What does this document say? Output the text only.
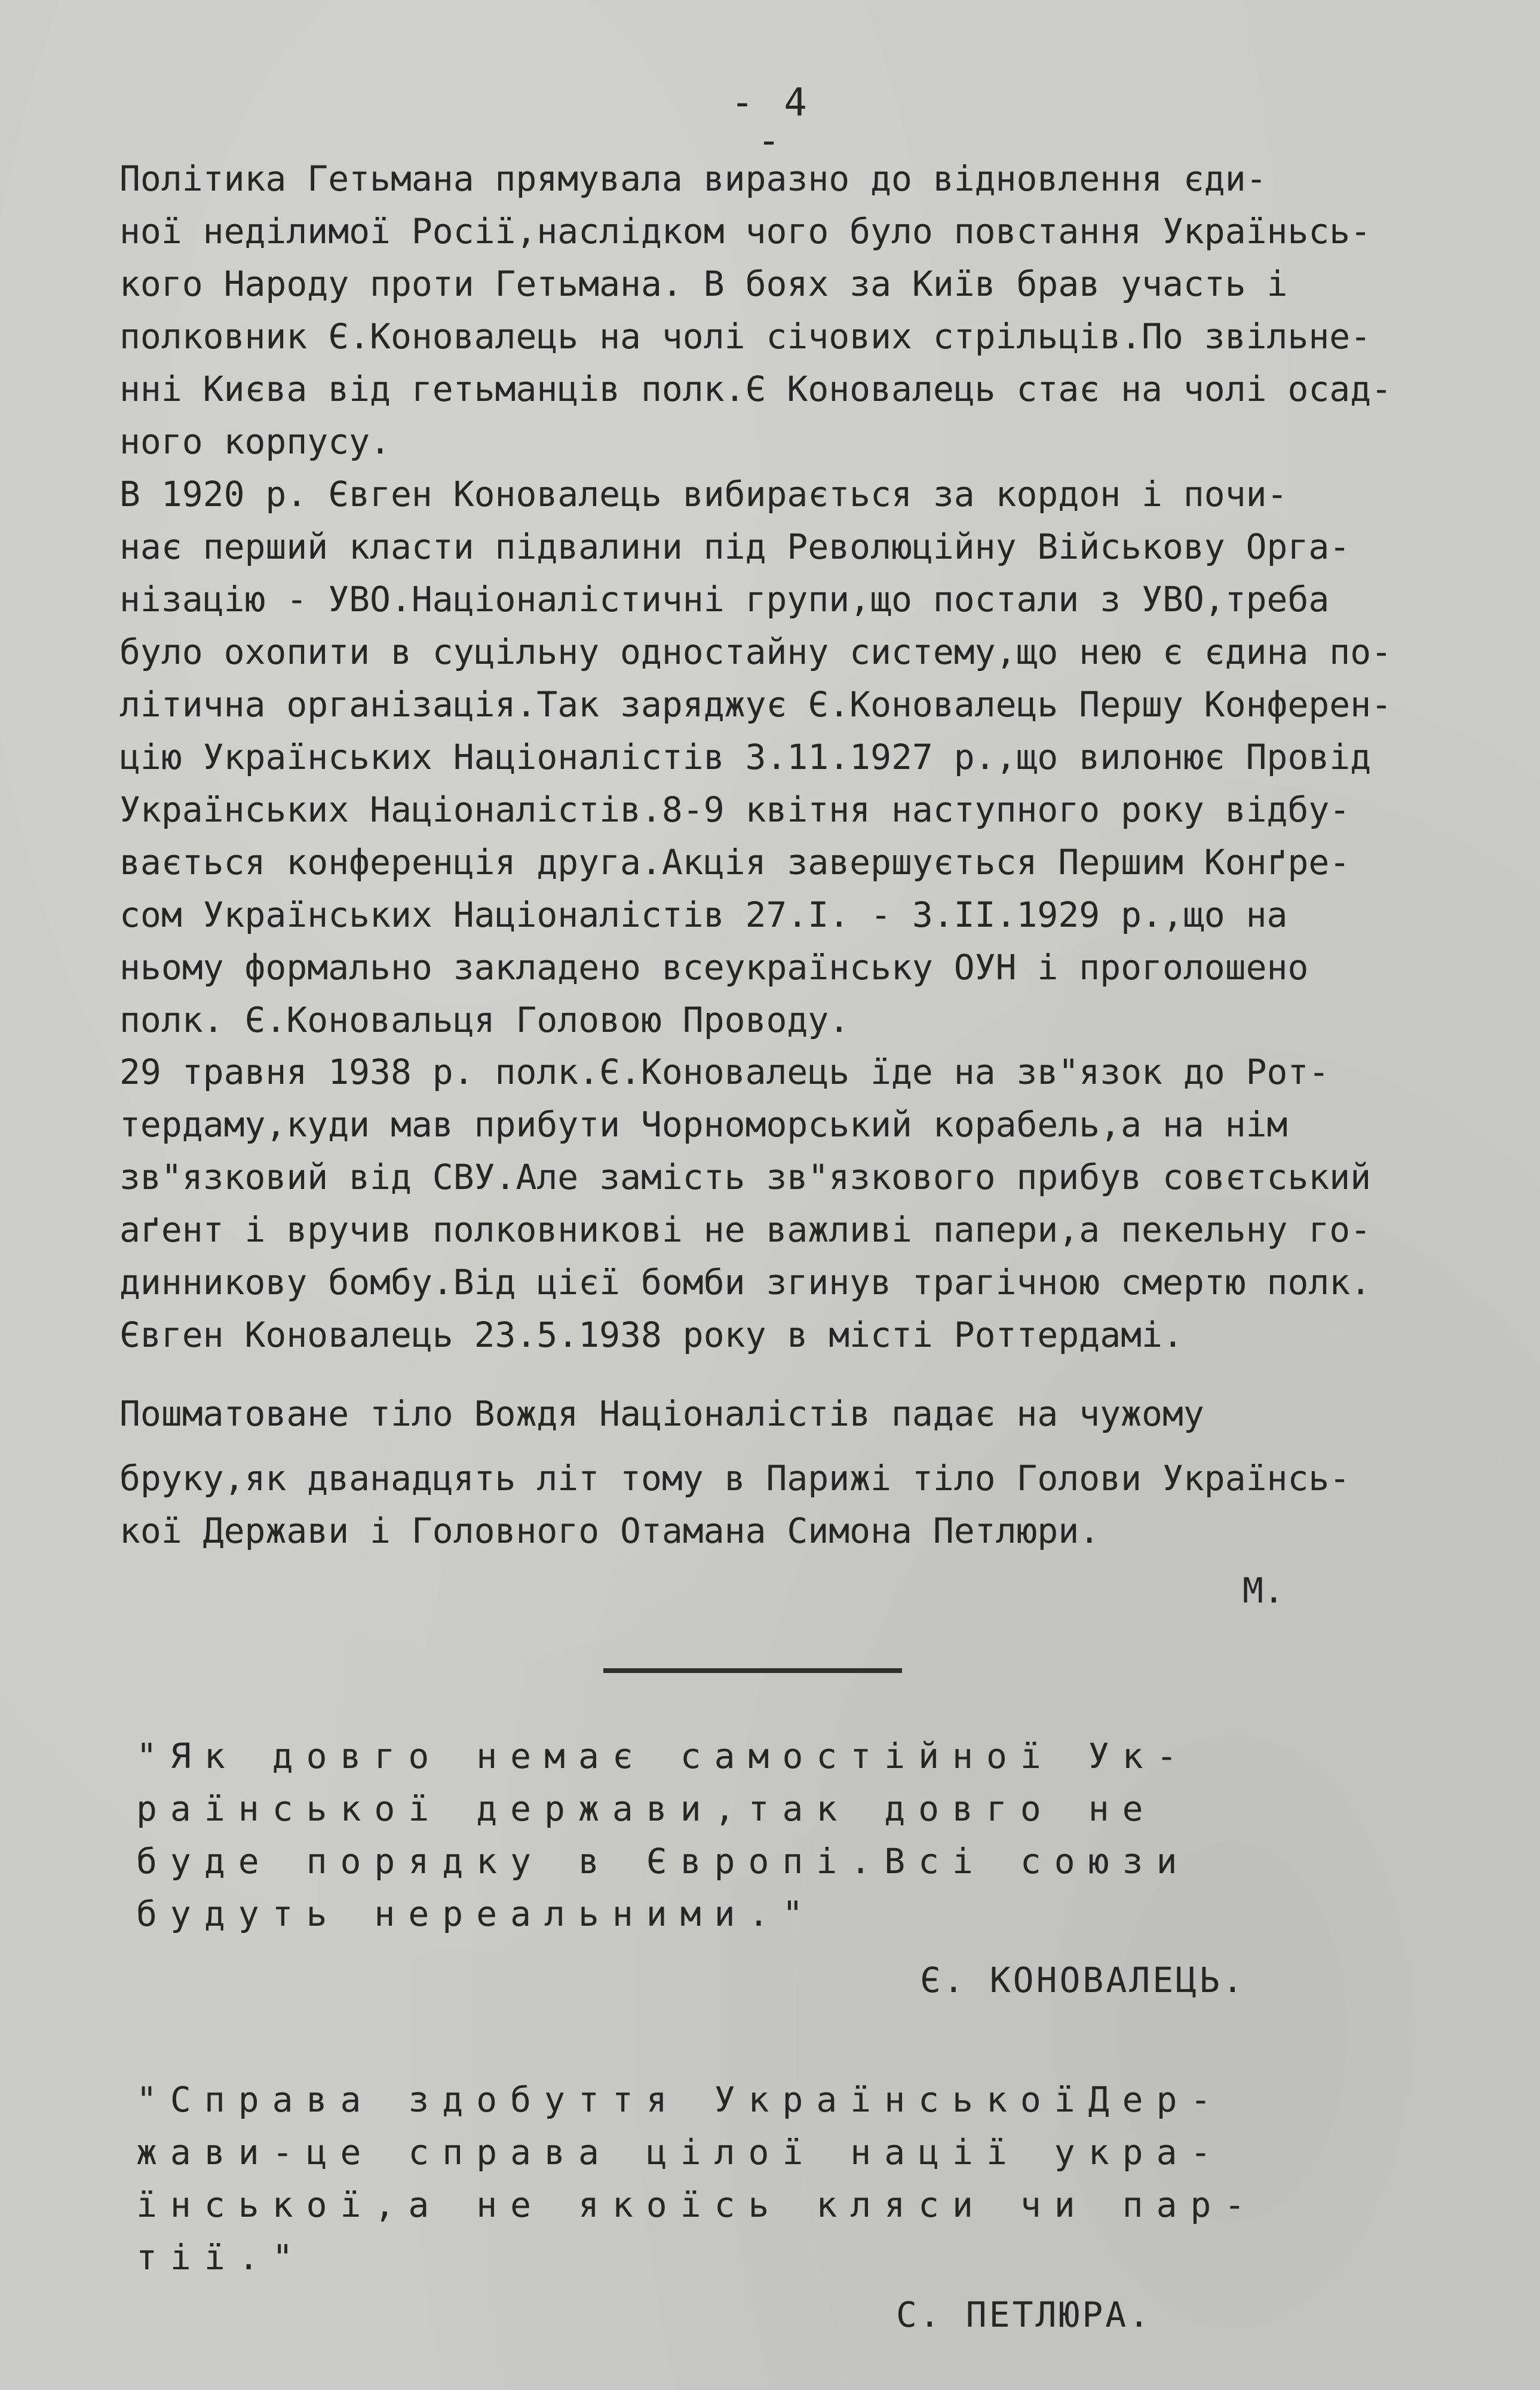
- 4 -
Політика Гетьмана прямувала виразно до відновлення єди-
ної неділимої Росії,наслідком чого було повстання Україньсь-
кого Народу проти Гетьмана. В боях за Київ брав участь і
полковник Є.Коновалець на чолі січових стрільців.По звільне-
нні Києва від гетьманців полк.Є Коновалець стає на чолі осад-
ного корпусу.
В 1920 р. Євген Коновалець вибирається за кордон і почи-
нає перший класти підвалини під Революційну Військову Орга-
нізацію - УВО.Націоналістичні групи,що постали з УВО,треба
було охопити в суцільну одностайну систему,що нею є єдина по-
літична організація.Так заряджує Є.Коновалець Першу Конферен-
цію Українських Націоналістів 3.11.1927 р.,що вилонює Провід
Українських Націоналістів.8-9 квітня наступного року відбу-
вається конференція друга.Акція завершується Першим Конґре-
сом Українських Націоналістів 27.I. - 3.II.1929 р.,що на
ньому формально закладено всеукраїнську ОУН і проголошено
полк. Є.Коновальця Головою Проводу.
29 травня 1938 р. полк.Є.Коновалець їде на зв"язок до Рот-
тердаму,куди мав прибути Чорноморський корабель,а на нім
зв"язковий від СВУ.Але замість зв"язкового прибув совєтський
аґент і вручив полковникові не важливі папери,а пекельну го-
динникову бомбу.Від цієї бомби згинув трагічною смертю полк.
Євген Коновалець 23.5.1938 року в місті Роттердамі.
Пошматоване тіло Вождя Націоналістів падає на чужому
бруку,як дванадцять літ тому в Парижі тіло Голови Українсь-
кої Держави і Головного Отамана Симона Петлюри.
М.
"Як довго немає самостійної Ук-
раїнської держави,так довго не
буде порядку в Європі.Всі союзи
будуть нереальними."
Є. КОНОВАЛЕЦЬ.
"Справа здобуття УкраїнськоїДер-
жави-це справа цілої нації укра-
їнської,а не якоїсь кляси чи пар-
тії."
С. ПЕТЛЮРА.
